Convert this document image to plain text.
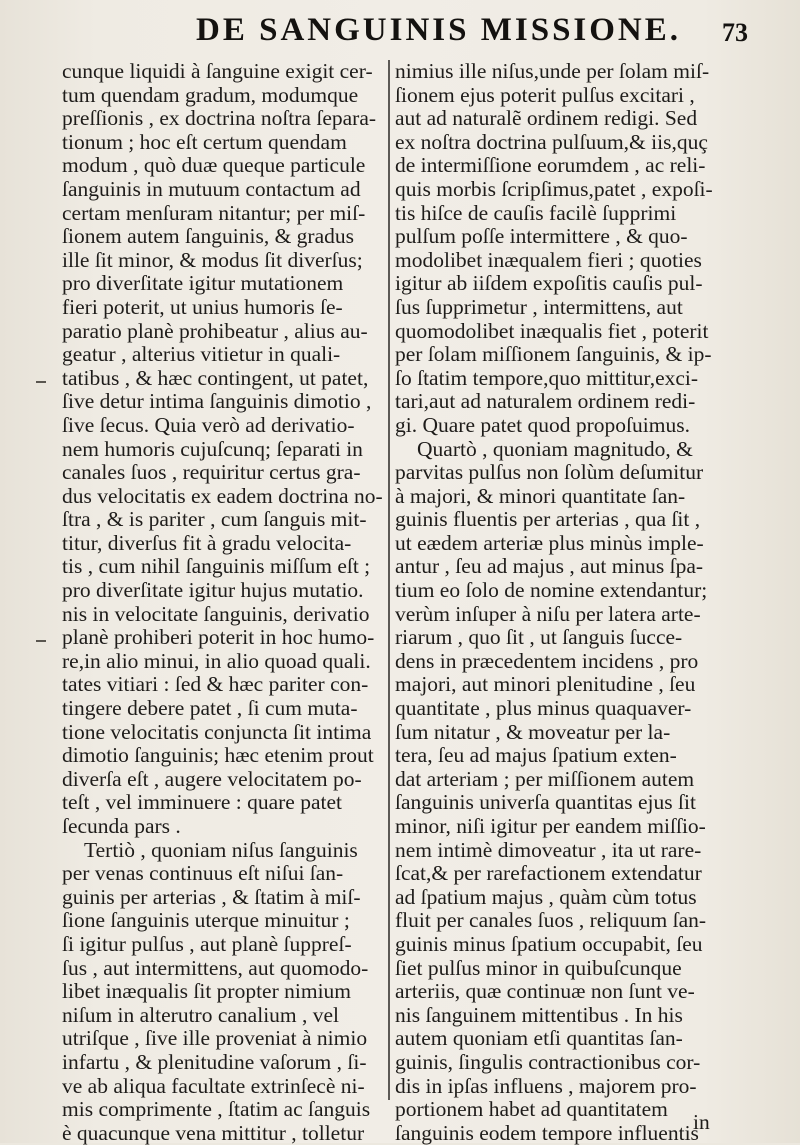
DE SANGUINIS MISSIONE. 73
cunque liquidi à ſanguine exigit cer-
tum quendam gradum, modumque
preſſionis , ex doctrina noſtra ſepara-
tionum ; hoc eſt certum quendam
modum , quò duæ queque particule
ſanguinis in mutuum contactum ad
certam menſuram nitantur; per miſ-
ſionem autem ſanguinis, & gradus
ille ſit minor, & modus ſit diverſus;
pro diverſitate igitur mutationem
fieri poterit, ut unius humoris ſe-
paratio planè prohibeatur , alius au-
geatur , alterius vitietur in quali-
tatibus , & hæc contingent, ut patet,
ſive detur intima ſanguinis dimotio ,
ſive ſecus. Quia verò ad derivatio-
nem humoris cujuſcunq; ſeparati in
canales ſuos , requiritur certus gra-
dus velocitatis ex eadem doctrina no-
ſtra , & is pariter , cum ſanguis mit-
titur, diverſus fit à gradu velocita-
tis , cum nihil ſanguinis miſſum eſt ;
pro diverſitate igitur hujus mutatio.
nis in velocitate ſanguinis, derivatio
planè prohiberi poterit in hoc humo-
re,in alio minui, in alio quoad quali.
tates vitiari : ſed & hæc pariter con-
tingere debere patet , ſi cum muta-
tione velocitatis conjuncta ſit intima
dimotio ſanguinis; hæc etenim prout
diverſa eſt , augere velocitatem po-
teſt , vel imminuere : quare patet
ſecunda pars .
Tertiò , quoniam niſus ſanguinis
per venas continuus eſt niſui ſan-
guinis per arterias , & ſtatim à miſ-
ſione ſanguinis uterque minuitur ;
ſi igitur pulſus , aut planè ſuppreſ-
ſus , aut intermittens, aut quomodo-
libet inæqualis ſit propter nimium
niſum in alterutro canalium , vel
utriſque , ſive ille proveniat à nimio
infartu , & plenitudine vaſorum , ſi-
ve ab aliqua facultate extrinſecè ni-
mis comprimente , ſtatim ac ſanguis
è quacunque vena mittitur , tolletur
nimius ille niſus,unde per ſolam miſ-
ſionem ejus poterit pulſus excitari ,
aut ad naturalẽ ordinem redigi. Sed
ex noſtra doctrina pulſuum,& iis,quç
de intermiſſione eorumdem , ac reli-
quis morbis ſcripſimus,patet , expoſi-
tis hiſce de cauſis facilè ſupprimi
pulſum poſſe intermittere , & quo-
modolibet inæqualem fieri ; quoties
igitur ab iiſdem expoſitis cauſis pul-
ſus ſupprimetur , intermittens, aut
quomodolibet inæqualis fiet , poterit
per ſolam miſſionem ſanguinis, & ip-
ſo ſtatim tempore,quo mittitur,exci-
tari,aut ad naturalem ordinem redi-
gi. Quare patet quod propoſuimus.
Quartò , quoniam magnitudo, &
parvitas pulſus non ſolùm deſumitur
à majori, & minori quantitate ſan-
guinis fluentis per arterias , qua ſit ,
ut eædem arteriæ plus minùs imple-
antur , ſeu ad majus , aut minus ſpa-
tium eo ſolo de nomine extendantur;
verùm inſuper à niſu per latera arte-
riarum , quo ſit , ut ſanguis ſucce-
dens in præcedentem incidens , pro
majori, aut minori plenitudine , ſeu
quantitate , plus minus quaquaver-
ſum nitatur , & moveatur per la-
tera, ſeu ad majus ſpatium exten-
dat arteriam ; per miſſionem autem
ſanguinis univerſa quantitas ejus ſit
minor, niſi igitur per eandem miſſio-
nem intimè dimoveatur , ita ut rare-
ſcat,& per rarefactionem extendatur
ad ſpatium majus , quàm cùm totus
fluit per canales ſuos , reliquum ſan-
guinis minus ſpatium occupabit, ſeu
ſiet pulſus minor in quibuſcunque
arteriis, quæ continuæ non ſunt ve-
nis ſanguinem mittentibus . In his
autem quoniam etſi quantitas ſan-
guinis, ſingulis contractionibus cor-
dis in ipſas influens , majorem pro-
portionem habet ad quantitatem
ſanguinis eodem tempore influentis
in
